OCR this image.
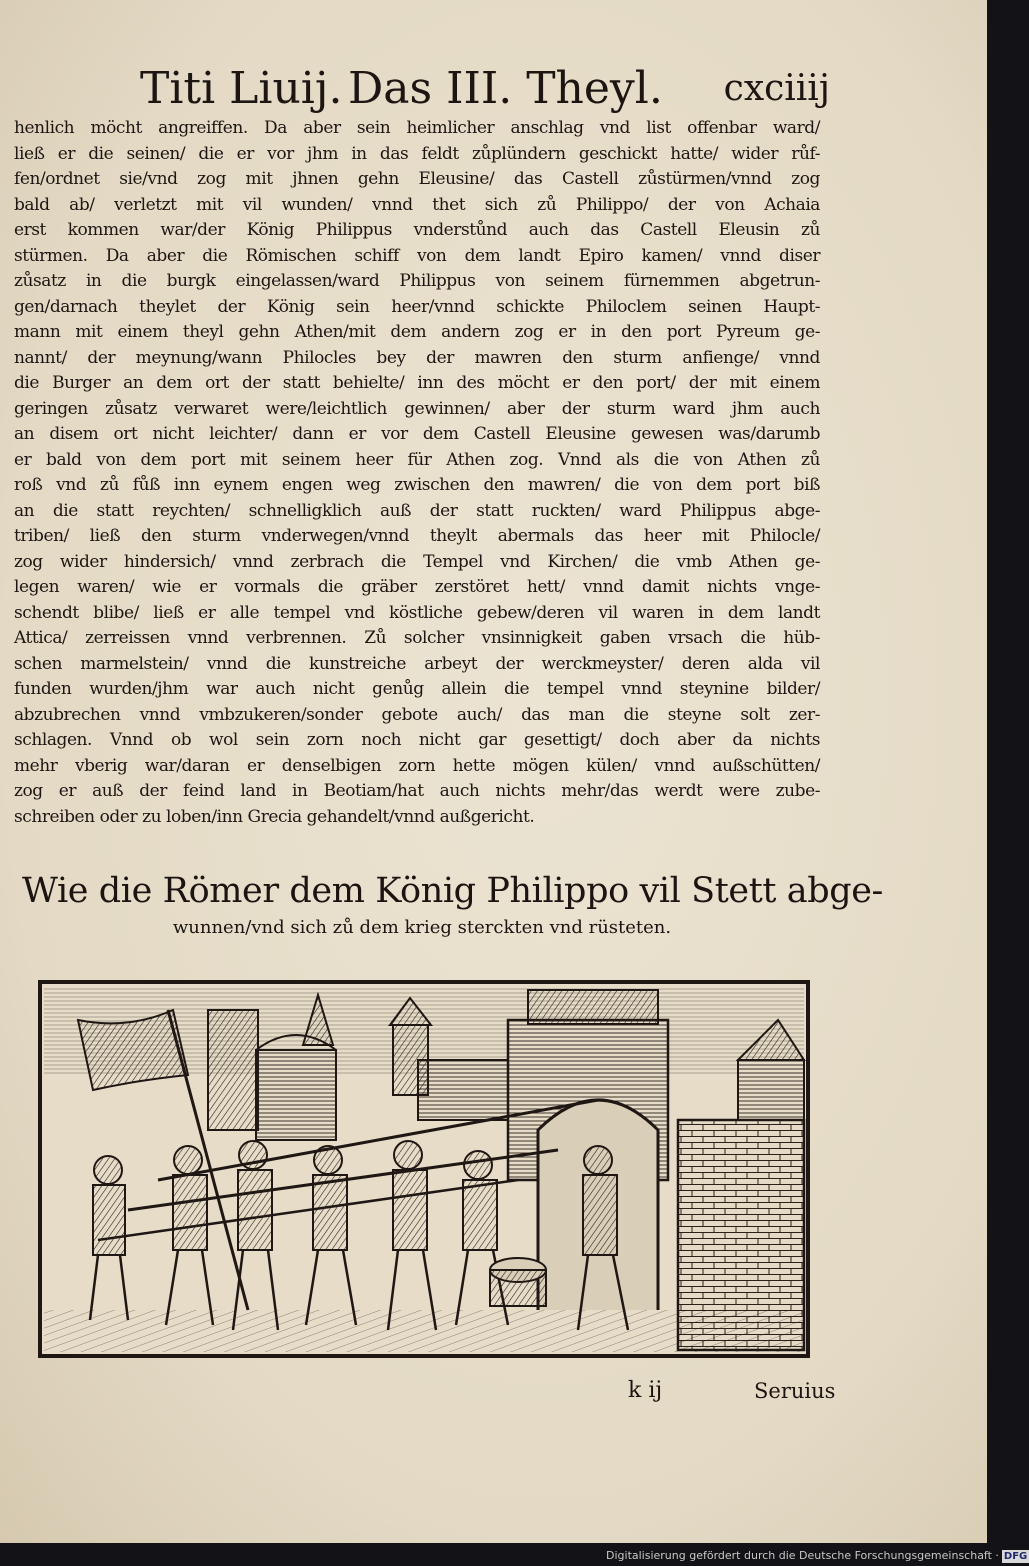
Titi Liuij. Das III. Theyl. cxciiij
henlich möcht angreiffen. Da aber sein heimlicher anschlag vnd list offenbar ward/
ließ er die seinen/ die er vor jhm in das feldt zůplündern geschickt hatte/ wider růf-
fen/ordnet sie/vnd zog mit jhnen gehn Eleusine/ das Castell zůstürmen/vnnd zog
bald ab/ verletzt mit vil wunden/ vnnd thet sich zů Philippo/ der von Achaia
erst kommen war/der König Philippus vnderstůnd auch das Castell Eleusin zů
stürmen. Da aber die Römischen schiff von dem landt Epiro kamen/ vnnd diser
zůsatz in die burgk eingelassen/ward Philippus von seinem fürnemmen abgetrun-
gen/darnach theylet der König sein heer/vnnd schickte Philoclem seinen Haupt-
mann mit einem theyl gehn Athen/mit dem andern zog er in den port Pyreum ge-
nannt/ der meynung/wann Philocles bey der mawren den sturm anfienge/ vnnd
die Burger an dem ort der statt behielte/ inn des möcht er den port/ der mit einem
geringen zůsatz verwaret were/leichtlich gewinnen/ aber der sturm ward jhm auch
an disem ort nicht leichter/ dann er vor dem Castell Eleusine gewesen was/darumb
er bald von dem port mit seinem heer für Athen zog. Vnnd als die von Athen zů
roß vnd zů fůß inn eynem engen weg zwischen den mawren/ die von dem port biß
an die statt reychten/ schnelligklich auß der statt ruckten/ ward Philippus abge-
triben/ ließ den sturm vnderwegen/vnnd theylt abermals das heer mit Philocle/
zog wider hindersich/ vnnd zerbrach die Tempel vnd Kirchen/ die vmb Athen ge-
legen waren/ wie er vormals die gräber zerstöret hett/ vnnd damit nichts vnge-
schendt blibe/ ließ er alle tempel vnd köstliche gebew/deren vil waren in dem landt
Attica/ zerreissen vnnd verbrennen. Zů solcher vnsinnigkeit gaben vrsach die hüb-
schen marmelstein/ vnnd die kunstreiche arbeyt der werckmeyster/ deren alda vil
funden wurden/jhm war auch nicht genůg allein die tempel vnnd steynine bilder/
abzubrechen vnnd vmbzukeren/sonder gebote auch/ das man die steyne solt zer-
schlagen. Vnnd ob wol sein zorn noch nicht gar gesettigt/ doch aber da nichts
mehr vberig war/daran er denselbigen zorn hette mögen külen/ vnnd außschütten/
zog er auß der feind land in Beotiam/hat auch nichts mehr/das werdt were zube-
schreiben oder zu loben/inn Grecia gehandelt/vnnd außgericht.
Wie die Römer dem König Philippo vil Stett abge-
wunnen/vnd sich zů dem krieg sterckten vnd rüsteten.
k ij	Seruius
Digitalisierung gefördert durch die Deutsche Forschungsgemeinschaft · DFG
